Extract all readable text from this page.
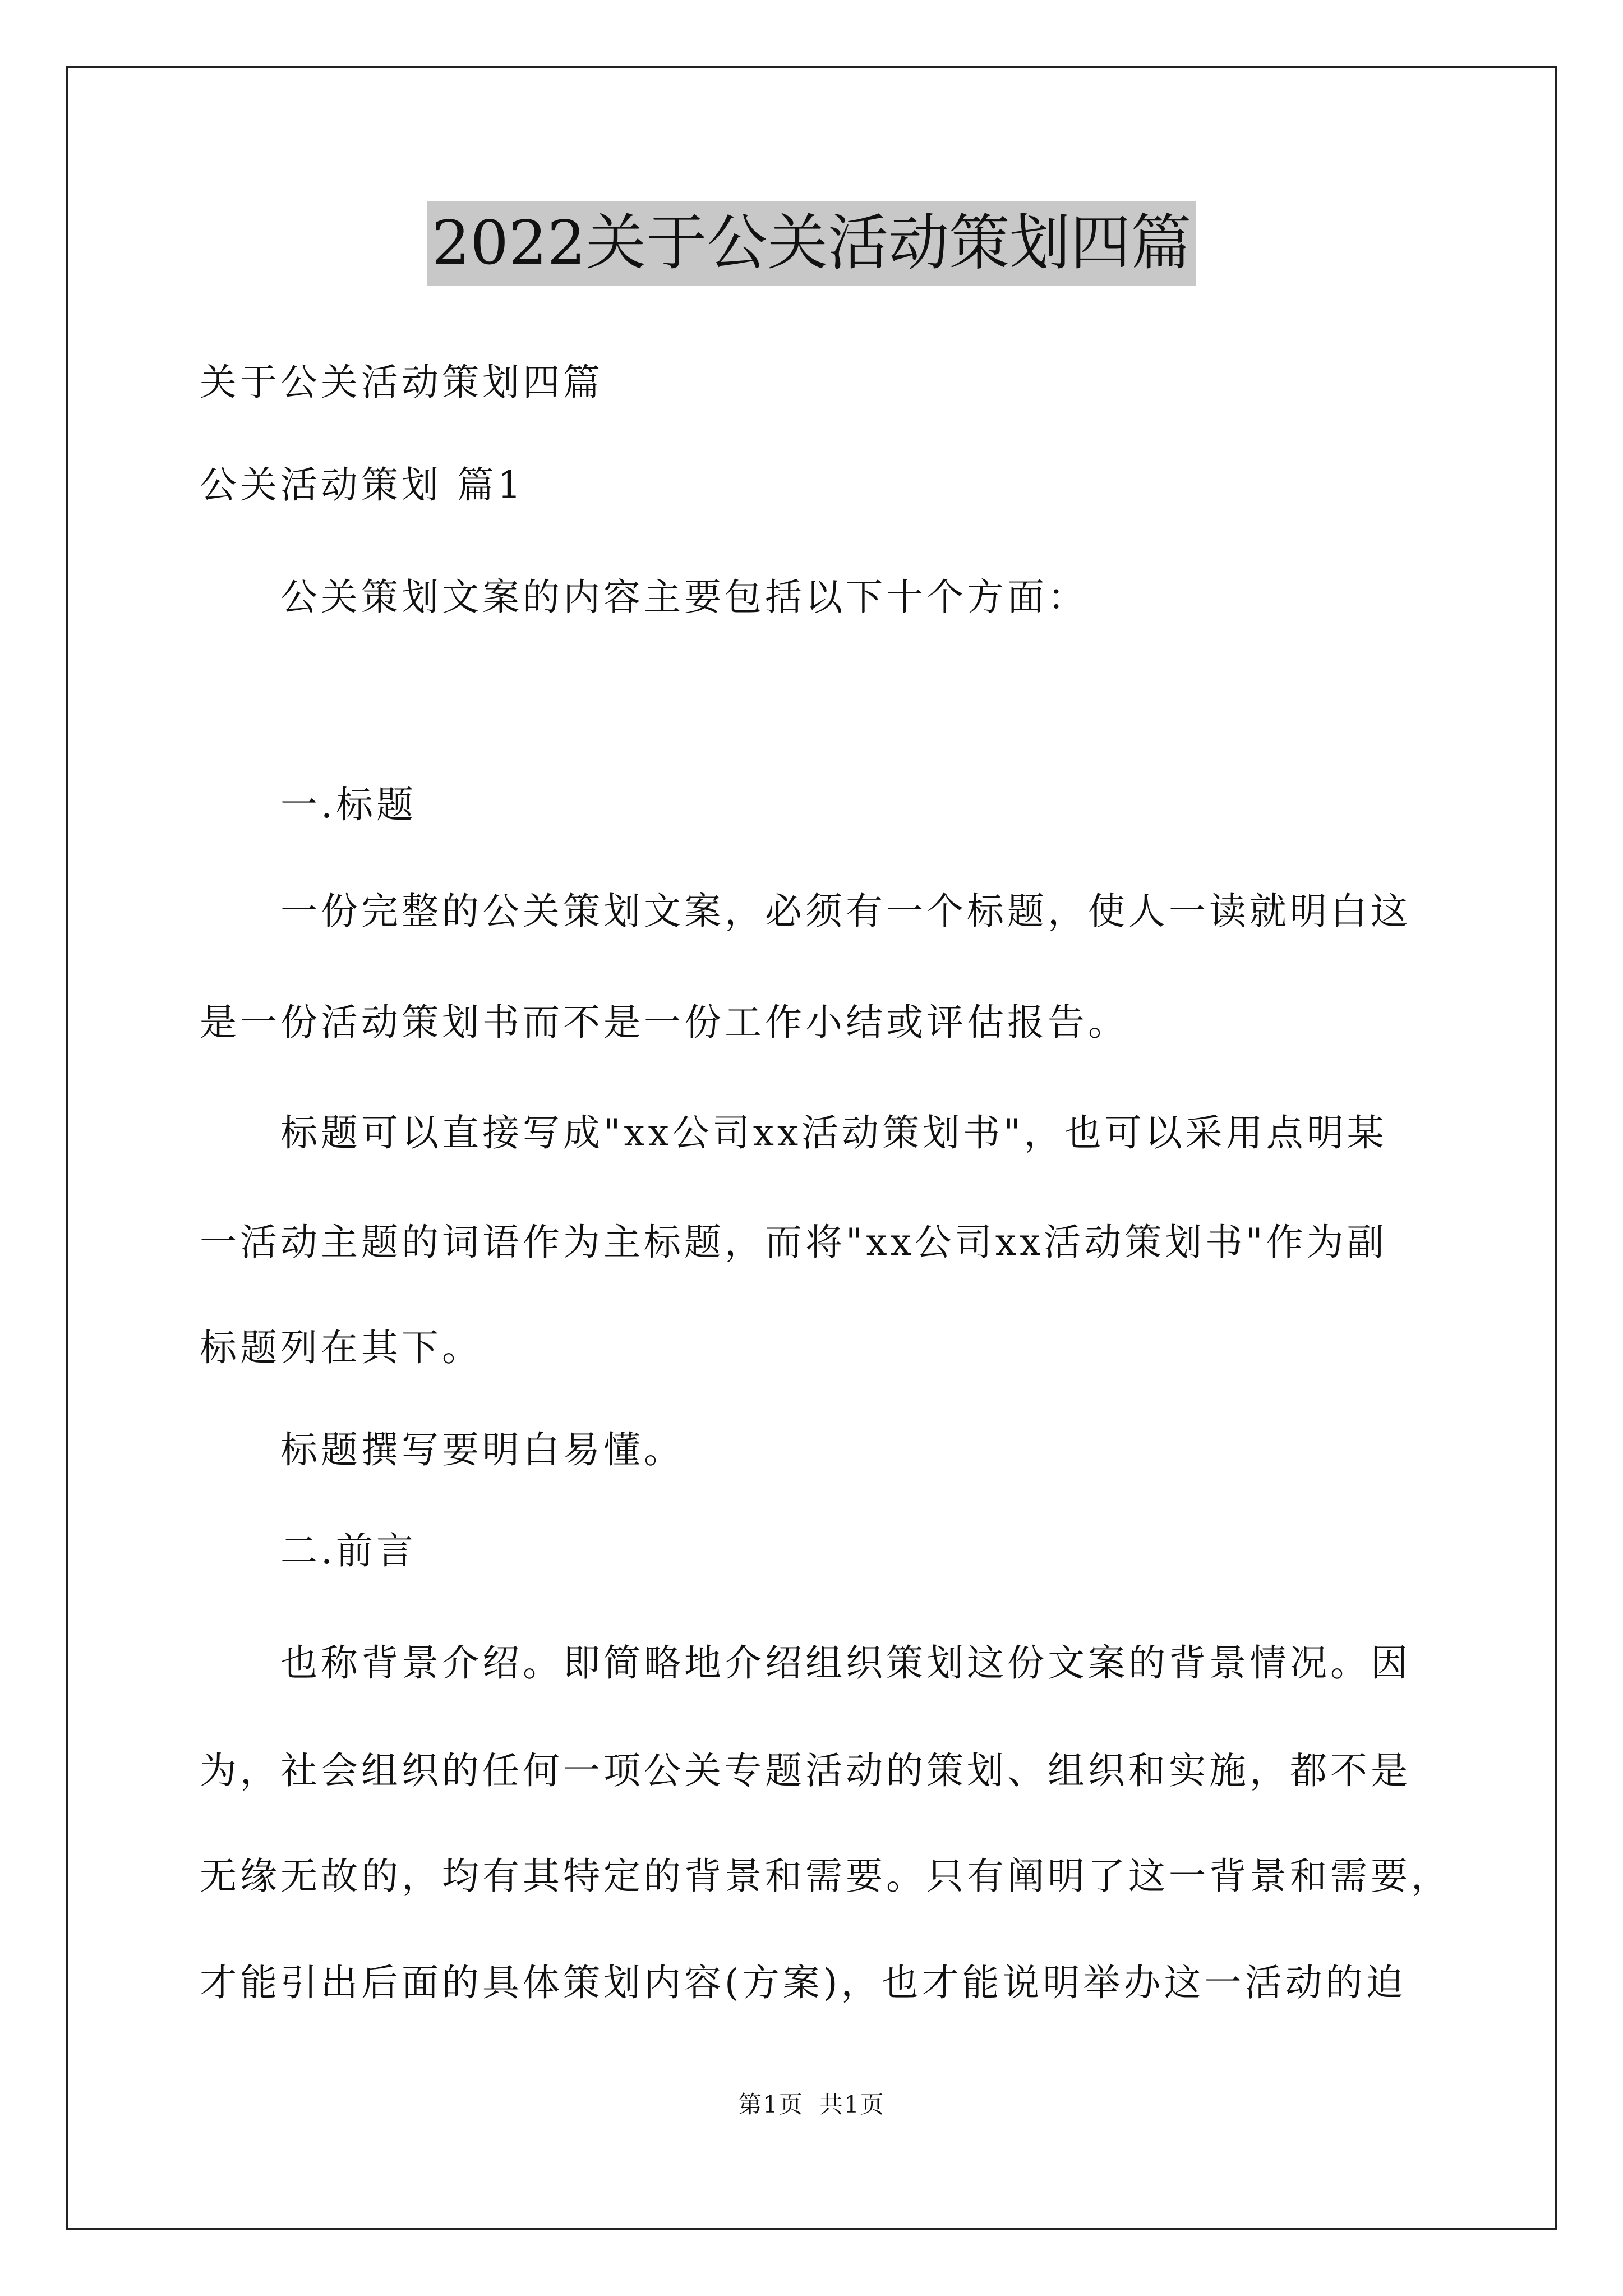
2022关于公关活动策划四篇
关于公关活动策划四篇
公关活动策划 篇1
公关策划文案的内容主要包括以下十个方面：
一.标题
一份完整的公关策划文案，必须有一个标题，使人一读就明白这
是一份活动策划书而不是一份工作小结或评估报告。
标题可以直接写成"xx公司xx活动策划书"，也可以采用点明某
一活动主题的词语作为主标题，而将"xx公司xx活动策划书"作为副
标题列在其下。
标题撰写要明白易懂。
二.前言
也称背景介绍。即简略地介绍组织策划这份文案的背景情况。因
为，社会组织的任何一项公关专题活动的策划、组织和实施，都不是
无缘无故的，均有其特定的背景和需要。只有阐明了这一背景和需要，
才能引出后面的具体策划内容(方案)，也才能说明举办这一活动的迫
第1页 共1页
